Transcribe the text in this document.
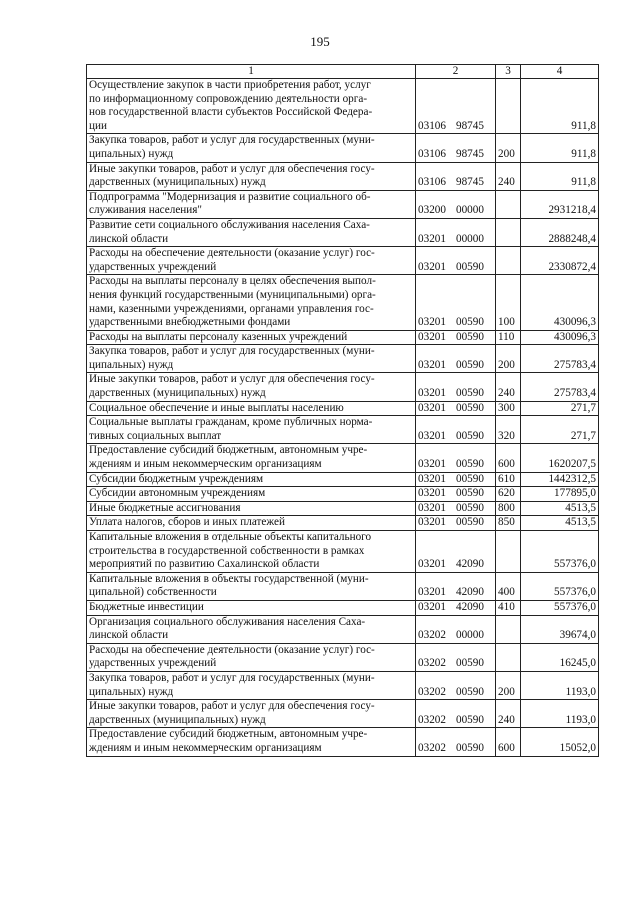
195
1	2	3	4

Осуществление закупок в части приобретения работ, услуг
по информационному сопровождению деятельности орга-
нов государственной власти субъектов Российской Федера-
ции	03106 98745		911,8

Закупка товаров, работ и услуг для государственных (муни-
ципальных) нужд	03106 98745	200	911,8

Иные закупки товаров, работ и услуг для обеспечения госу-
дарственных (муниципальных) нужд	03106 98745	240	911,8

Подпрограмма "Модернизация и развитие социального об-
служивания населения"	03200 00000		2931218,4

Развитие сети социального обслуживания населения Саха-
линской области	03201 00000		2888248,4

Расходы на обеспечение деятельности (оказание услуг) гос-
ударственных учреждений	03201 00590		2330872,4

Расходы на выплаты персоналу в целях обеспечения выпол-
нения функций государственными (муниципальными) орга-
нами, казенными учреждениями, органами управления гос-
ударственными внебюджетными фондами	03201 00590	100	430096,3

Расходы на выплаты персоналу казенных учреждений	03201 00590	110	430096,3

Закупка товаров, работ и услуг для государственных (муни-
ципальных) нужд	03201 00590	200	275783,4

Иные закупки товаров, работ и услуг для обеспечения госу-
дарственных (муниципальных) нужд	03201 00590	240	275783,4

Социальное обеспечение и иные выплаты населению	03201 00590	300	271,7

Социальные выплаты гражданам, кроме публичных норма-
тивных социальных выплат	03201 00590	320	271,7

Предоставление субсидий бюджетным, автономным учре-
ждениям и иным некоммерческим организациям	03201 00590	600	1620207,5

Субсидии бюджетным учреждениям	03201 00590	610	1442312,5

Субсидии автономным учреждениям	03201 00590	620	177895,0

Иные бюджетные ассигнования	03201 00590	800	4513,5

Уплата налогов, сборов и иных платежей	03201 00590	850	4513,5

Капитальные вложения в отдельные объекты капитального
строительства в государственной собственности в рамках
мероприятий по развитию Сахалинской области	03201 42090		557376,0

Капитальные вложения в объекты государственной (муни-
ципальной) собственности	03201 42090	400	557376,0

Бюджетные инвестиции	03201 42090	410	557376,0

Организация социального обслуживания населения Саха-
линской области	03202 00000		39674,0

Расходы на обеспечение деятельности (оказание услуг) гос-
ударственных учреждений	03202 00590		16245,0

Закупка товаров, работ и услуг для государственных (муни-
ципальных) нужд	03202 00590	200	1193,0

Иные закупки товаров, работ и услуг для обеспечения госу-
дарственных (муниципальных) нужд	03202 00590	240	1193,0

Предоставление субсидий бюджетным, автономным учре-
ждениям и иным некоммерческим организациям	03202 00590	600	15052,0
